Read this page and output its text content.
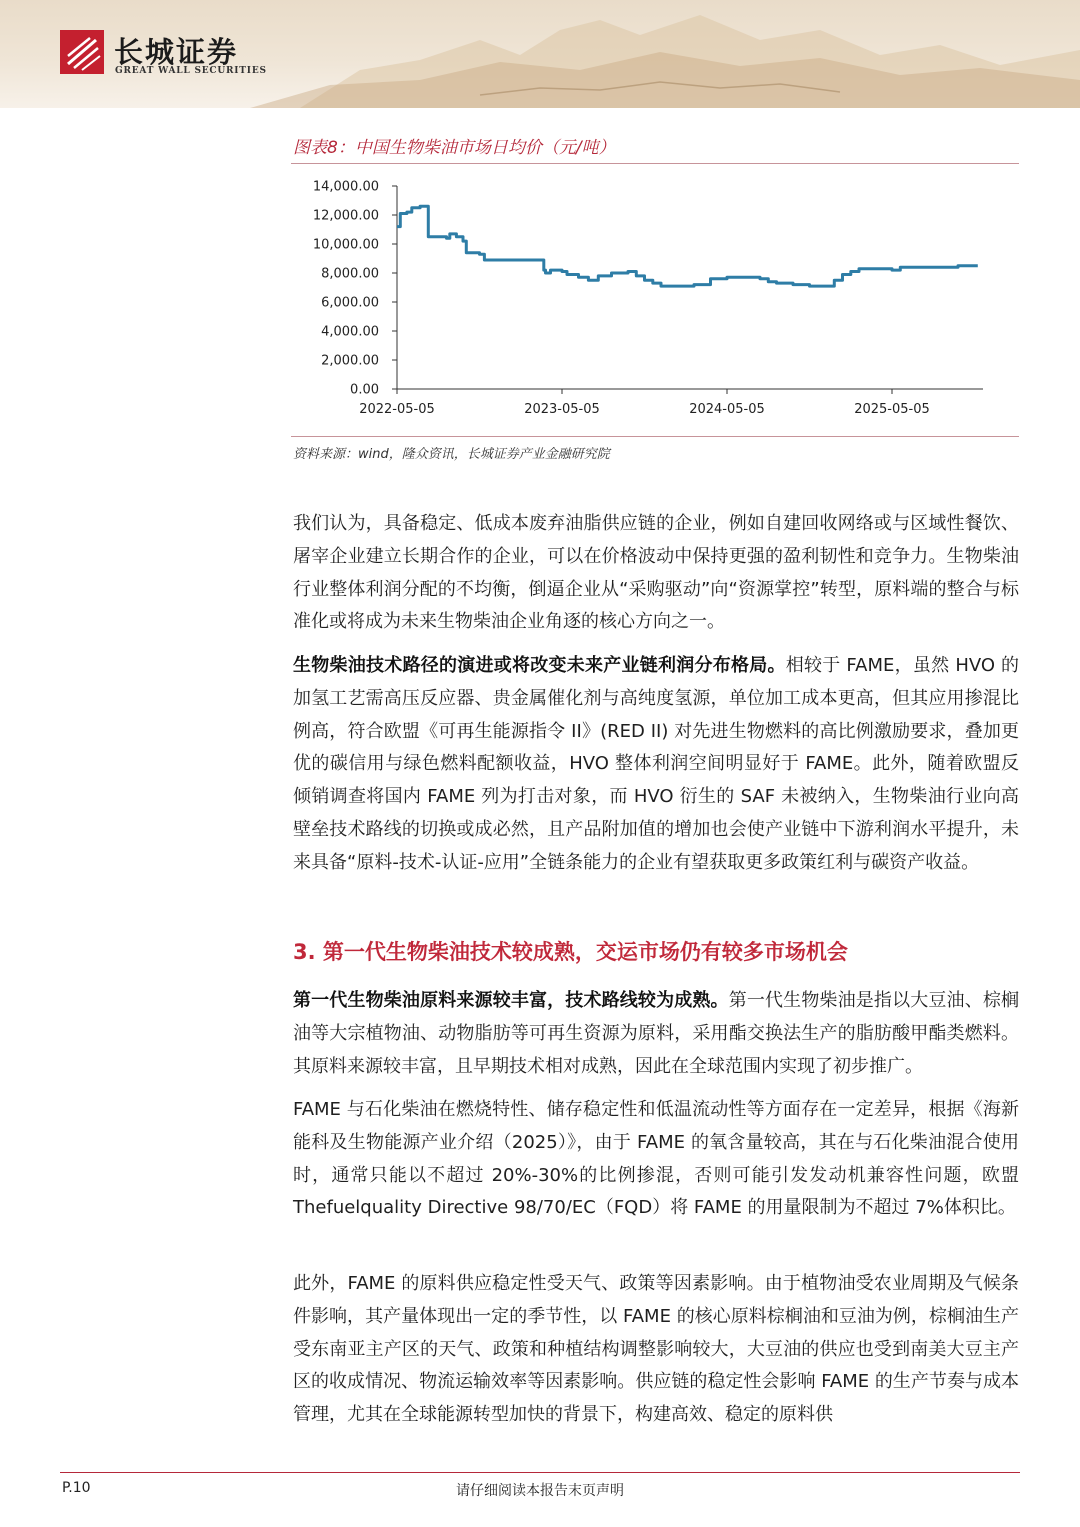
长城证券
GREAT WALL SECURITIES
图表8：中国生物柴油市场日均价（元/吨）
14,000.00
12,000.00
10,000.00
8,000.00
6,000.00
4,000.00
2,000.00
0.00
2022-05-05	2023-05-05	2024-05-05	2025-05-05
资料来源：wind，隆众资讯，长城证券产业金融研究院

我们认为，具备稳定、低成本废弃油脂供应链的企业，例如自建回收网络或与区域性餐饮、屠宰企业建立长期合作的企业，可以在价格波动中保持更强的盈利韧性和竞争力。生物柴油行业整体利润分配的不均衡，倒逼企业从“采购驱动”向“资源掌控”转型，原料端的整合与标准化或将成为未来生物柴油企业角逐的核心方向之一。

生物柴油技术路径的演进或将改变未来产业链利润分布格局。相较于 FAME，虽然 HVO 的加氢工艺需高压反应器、贵金属催化剂与高纯度氢源，单位加工成本更高，但其应用掺混比例高，符合欧盟《可再生能源指令 II》(RED II) 对先进生物燃料的高比例激励要求，叠加更优的碳信用与绿色燃料配额收益，HVO 整体利润空间明显好于 FAME。此外，随着欧盟反倾销调查将国内 FAME 列为打击对象，而 HVO 衍生的 SAF 未被纳入，生物柴油行业向高壁垒技术路线的切换或成必然，且产品附加值的增加也会使产业链中下游利润水平提升，未来具备“原料-技术-认证-应用”全链条能力的企业有望获取更多政策红利与碳资产收益。

3. 第一代生物柴油技术较成熟，交运市场仍有较多市场机会

第一代生物柴油原料来源较丰富，技术路线较为成熟。第一代生物柴油是指以大豆油、棕榈油等大宗植物油、动物脂肪等可再生资源为原料，采用酯交换法生产的脂肪酸甲酯类燃料。其原料来源较丰富，且早期技术相对成熟，因此在全球范围内实现了初步推广。

FAME 与石化柴油在燃烧特性、储存稳定性和低温流动性等方面存在一定差异，根据《海新能科及生物能源产业介绍（2025）》，由于 FAME 的氧含量较高，其在与石化柴油混合使用时，通常只能以不超过 20%-30%的比例掺混，否则可能引发发动机兼容性问题，欧盟 Thefuelquality Directive 98/70/EC（FQD）将 FAME 的用量限制为不超过 7%体积比。

此外，FAME 的原料供应稳定性受天气、政策等因素影响。由于植物油受农业周期及气候条件影响，其产量体现出一定的季节性，以 FAME 的核心原料棕榈油和豆油为例，棕榈油生产受东南亚主产区的天气、政策和种植结构调整影响较大，大豆油的供应也受到南美大豆主产区的收成情况、物流运输效率等因素影响。供应链的稳定性会影响 FAME 的生产节奏与成本管理，尤其在全球能源转型加快的背景下，构建高效、稳定的原料供

P.10	请仔细阅读本报告末页声明
